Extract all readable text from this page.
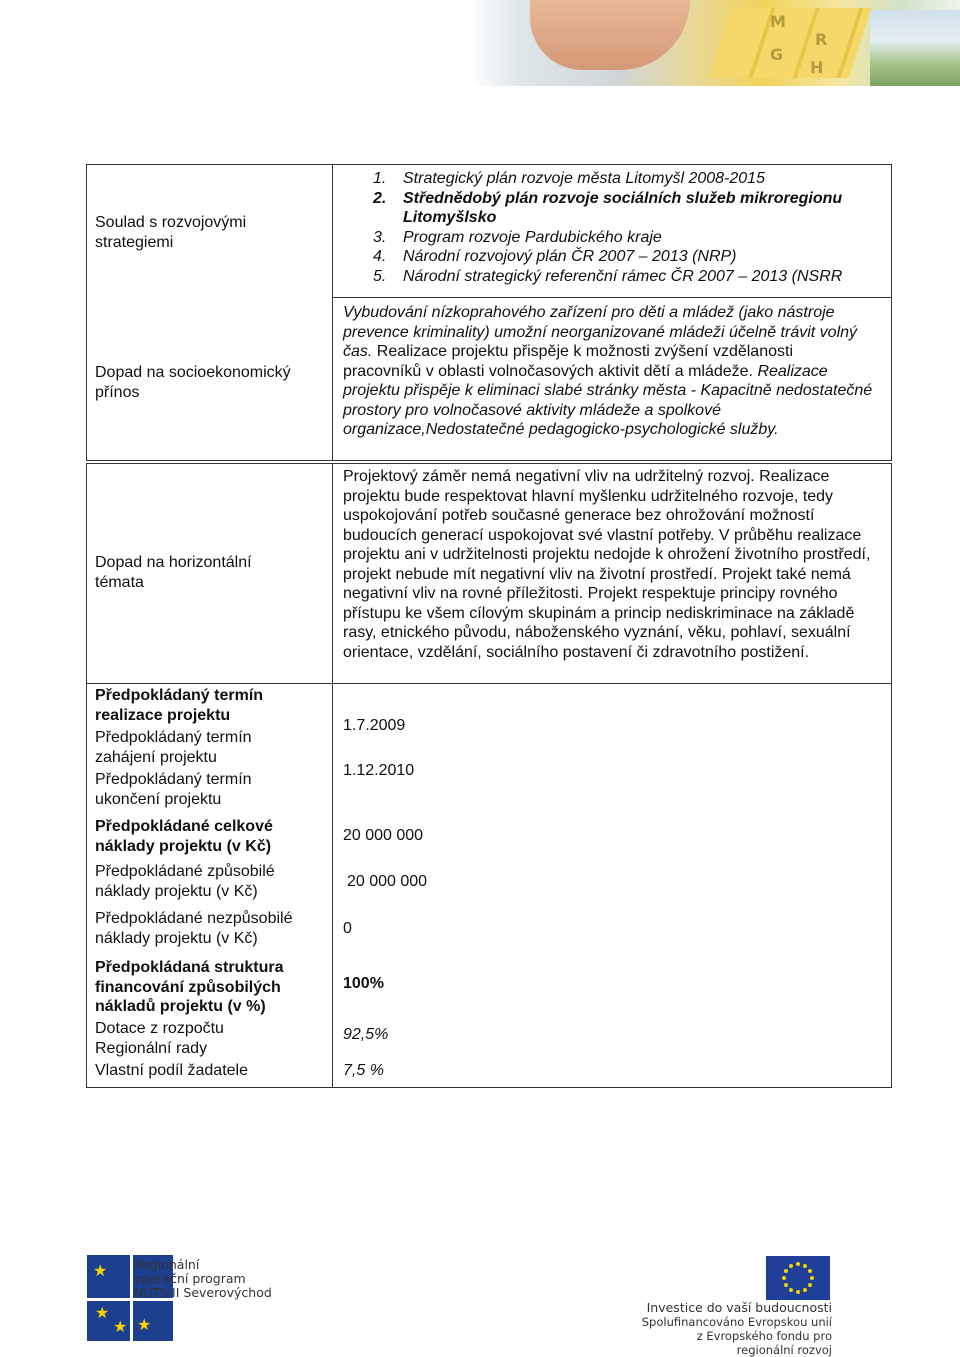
M
R
G
H
Soulad s rozvojovými strategiemi
1. Strategický plán rozvoje města Litomyšl 2008-2015
2. Střednědobý plán rozvoje sociálních služeb mikroregionu Litomyšlsko
3. Program rozvoje Pardubického kraje
4. Národní rozvojový plán ČR 2007 – 2013 (NRP)
5. Národní strategický referenční rámec ČR 2007 – 2013 (NSRR
Dopad na socioekonomický přínos
Vybudování nízkoprahového zařízení pro děti a mládež (jako nástroje prevence kriminality) umožní neorganizované mládeži účelně trávit volný čas. Realizace projektu přispěje k možnosti zvýšení vzdělanosti pracovníků v oblasti volnočasových aktivit dětí a mládeže. Realizace projektu přispěje k eliminaci slabé stránky města - Kapacitně nedostatečné prostory pro volnočasové aktivity mládeže a spolkové organizace,Nedostatečné pedagogicko-psychologické služby.
Dopad na horizontální témata
Projektový záměr nemá negativní vliv na udržitelný rozvoj. Realizace projektu bude respektovat hlavní myšlenku udržitelného rozvoje, tedy uspokojování potřeb současné generace bez ohrožování možností budoucích generací uspokojovat své vlastní potřeby. V průběhu realizace projektu ani v udržitelnosti projektu nedojde k ohrožení životního prostředí, projekt nebude mít negativní vliv na životní prostředí. Projekt také nemá negativní vliv na rovné příležitosti. Projekt respektuje principy rovného přístupu ke všem cílovým skupinám a princip nediskriminace na základě rasy, etnického původu, náboženského vyznání, věku, pohlaví, sexuální orientace, vzdělání, sociálního postavení či zdravotního postižení.
Předpokládaný termín realizace projektu
Předpokládaný termín zahájení projektu
1.7.2009
Předpokládaný termín ukončení projektu
1.12.2010
Předpokládané celkové náklady projektu (v Kč)
20 000 000
Předpokládané způsobilé náklady projektu (v Kč)
20 000 000
Předpokládané nezpůsobilé náklady projektu (v Kč)
0
Předpokládaná struktura financování způsobilých nákladů projektu (v %)
100%
Dotace z rozpočtu Regionální rady
92,5%
Vlastní podíl žadatele	7,5 %
★
★
★ ★
Regionální
operační program
NUTS II Severovýchod
Investice do vaší budoucnosti
Spolufinancováno Evropskou unií
z Evropského fondu pro regionální rozvoj
